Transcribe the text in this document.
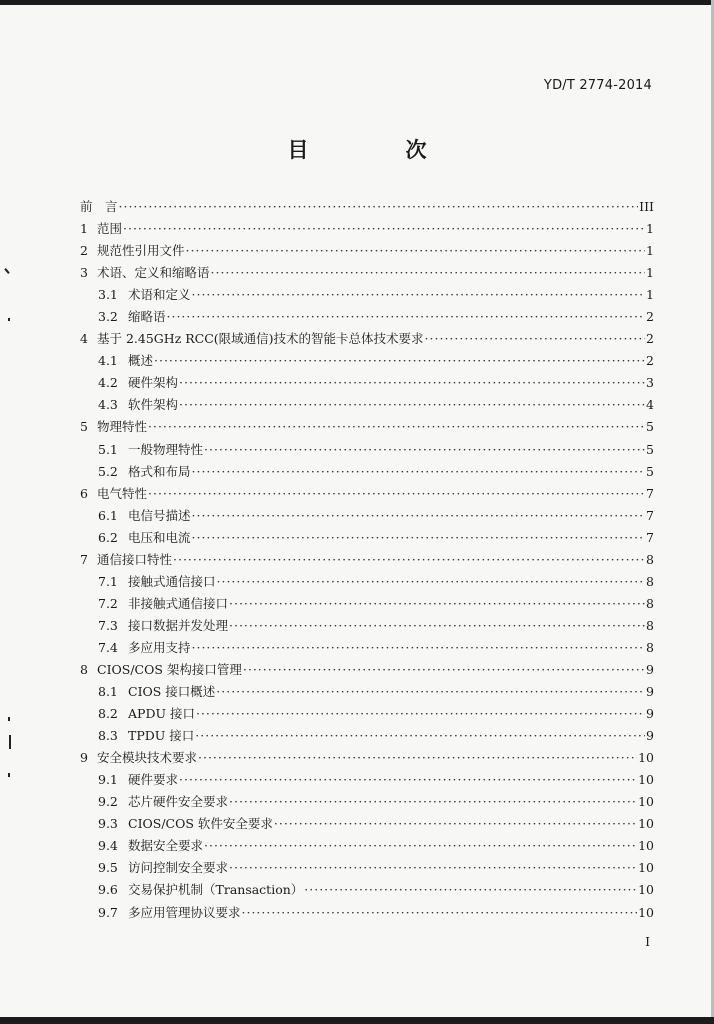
YD/T 2774-2014
目　次
前　言 ·····	III
1 范围 ·····	1
2 规范性引用文件 ·····	1
3 术语、定义和缩略语 ·····	1
3.1 术语和定义 ·····	1
3.2 缩略语 ·····	2
4 基于 2.45GHz RCC(限域通信)技术的智能卡总体技术要求 ·····	2
4.1 概述 ·····	2
4.2 硬件架构 ·····	3
4.3 软件架构 ·····	4
5 物理特性 ·····	5
5.1 一般物理特性 ·····	5
5.2 格式和布局 ·····	5
6 电气特性 ·····	7
6.1 电信号描述 ·····	7
6.2 电压和电流 ·····	7
7 通信接口特性 ·····	8
7.1 接触式通信接口 ·····	8
7.2 非接触式通信接口 ·····	8
7.3 接口数据并发处理 ·····	8
7.4 多应用支持 ·····	8
8 CIOS/COS 架构接口管理 ·····	9
8.1 CIOS 接口概述 ·····	9
8.2 APDU 接口 ·····	9
8.3 TPDU 接口 ·····	9
9 安全模块技术要求 ·····	10
9.1 硬件要求 ·····	10
9.2 芯片硬件安全要求 ·····	10
9.3 CIOS/COS 软件安全要求 ·····	10
9.4 数据安全要求 ·····	10
9.5 访问控制安全要求 ·····	10
9.6 交易保护机制（Transaction） ·····	10
9.7 多应用管理协议要求 ·····	10
I
